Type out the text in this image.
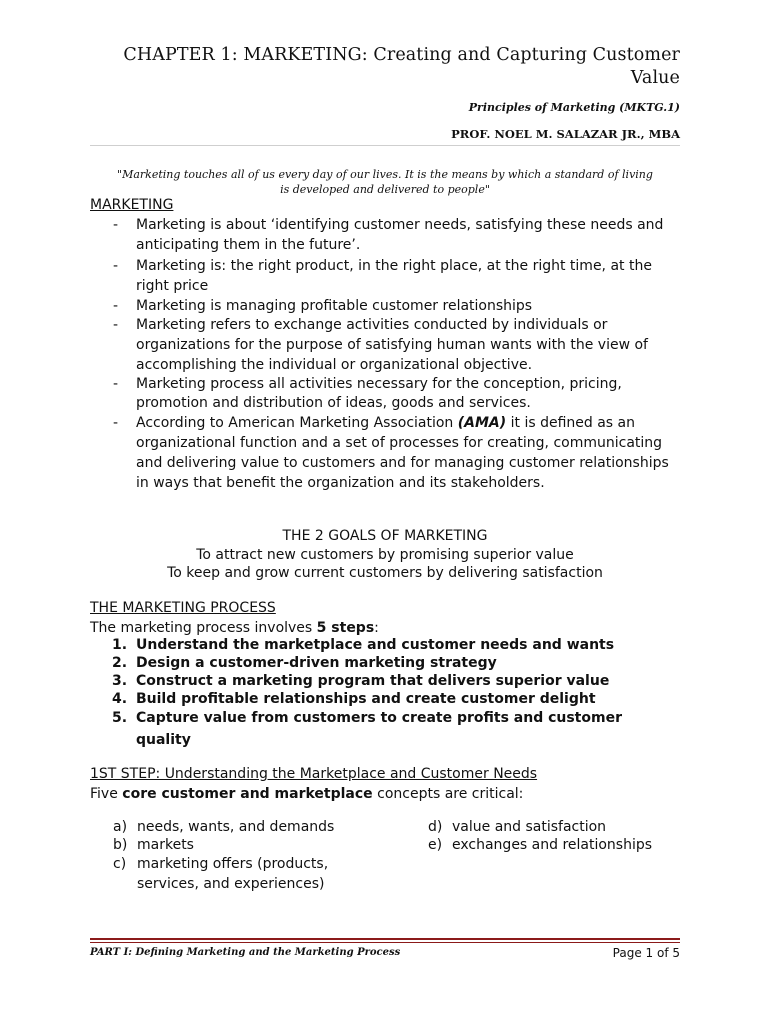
CHAPTER 1: MARKETING: Creating and Capturing Customer Value
Principles of Marketing (MKTG.1)
PROF. NOEL M. SALAZAR JR., MBA
"Marketing touches all of us every day of our lives. It is the means by which a standard of living
is developed and delivered to people"
MARKETING
- Marketing is about ‘identifying customer needs, satisfying these needs and anticipating them in the future’.
- Marketing is: the right product, in the right place, at the right time, at the right price
- Marketing is managing profitable customer relationships
- Marketing refers to exchange activities conducted by individuals or organizations for the purpose of satisfying human wants with the view of accomplishing the individual or organizational objective.
- Marketing process all activities necessary for the conception, pricing, promotion and distribution of ideas, goods and services.
- According to American Marketing Association (AMA) it is defined as an organizational function and a set of processes for creating, communicating and delivering value to customers and for managing customer relationships in ways that benefit the organization and its stakeholders.
THE 2 GOALS OF MARKETING
To attract new customers by promising superior value
To keep and grow current customers by delivering satisfaction
THE MARKETING PROCESS
The marketing process involves 5 steps:
1. Understand the marketplace and customer needs and wants
2. Design a customer-driven marketing strategy
3. Construct a marketing program that delivers superior value
4. Build profitable relationships and create customer delight
5. Capture value from customers to create profits and customer quality
1ST STEP: Understanding the Marketplace and Customer Needs
Five core customer and marketplace concepts are critical:
a) needs, wants, and demands
b) markets
c) marketing offers (products, services, and experiences)
d) value and satisfaction
e) exchanges and relationships
PART I: Defining Marketing and the Marketing Process	Page 1 of 5
